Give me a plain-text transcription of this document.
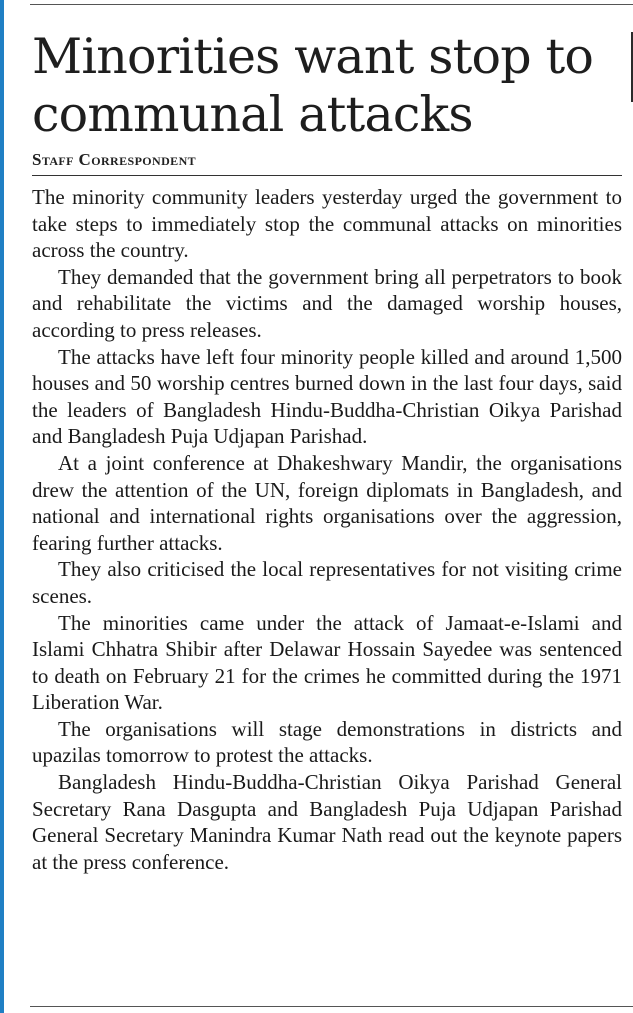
Minorities want stop to communal attacks
Staff Correspondent

The minority community leaders yesterday urged the government to take steps to immediately stop the communal attacks on minorities across the country.

They demanded that the government bring all perpetrators to book and rehabilitate the victims and the damaged worship houses, according to press releases.

The attacks have left four minority people killed and around 1,500 houses and 50 worship centres burned down in the last four days, said the leaders of Bangladesh Hindu-Buddha-Christian Oikya Parishad and Bangladesh Puja Udjapan Parishad.

At a joint conference at Dhakeshwary Mandir, the organisations drew the attention of the UN, foreign diplomats in Bangladesh, and national and international rights organisations over the aggression, fearing further attacks.

They also criticised the local representatives for not visiting crime scenes.

The minorities came under the attack of Jamaat-e-Islami and Islami Chhatra Shibir after Delawar Hossain Sayedee was sentenced to death on February 21 for the crimes he committed during the 1971 Liberation War.

The organisations will stage demonstrations in districts and upazilas tomorrow to protest the attacks.

Bangladesh Hindu-Buddha-Christian Oikya Parishad General Secretary Rana Dasgupta and Bangladesh Puja Udjapan Parishad General Secretary Manindra Kumar Nath read out the keynote papers at the press conference.
